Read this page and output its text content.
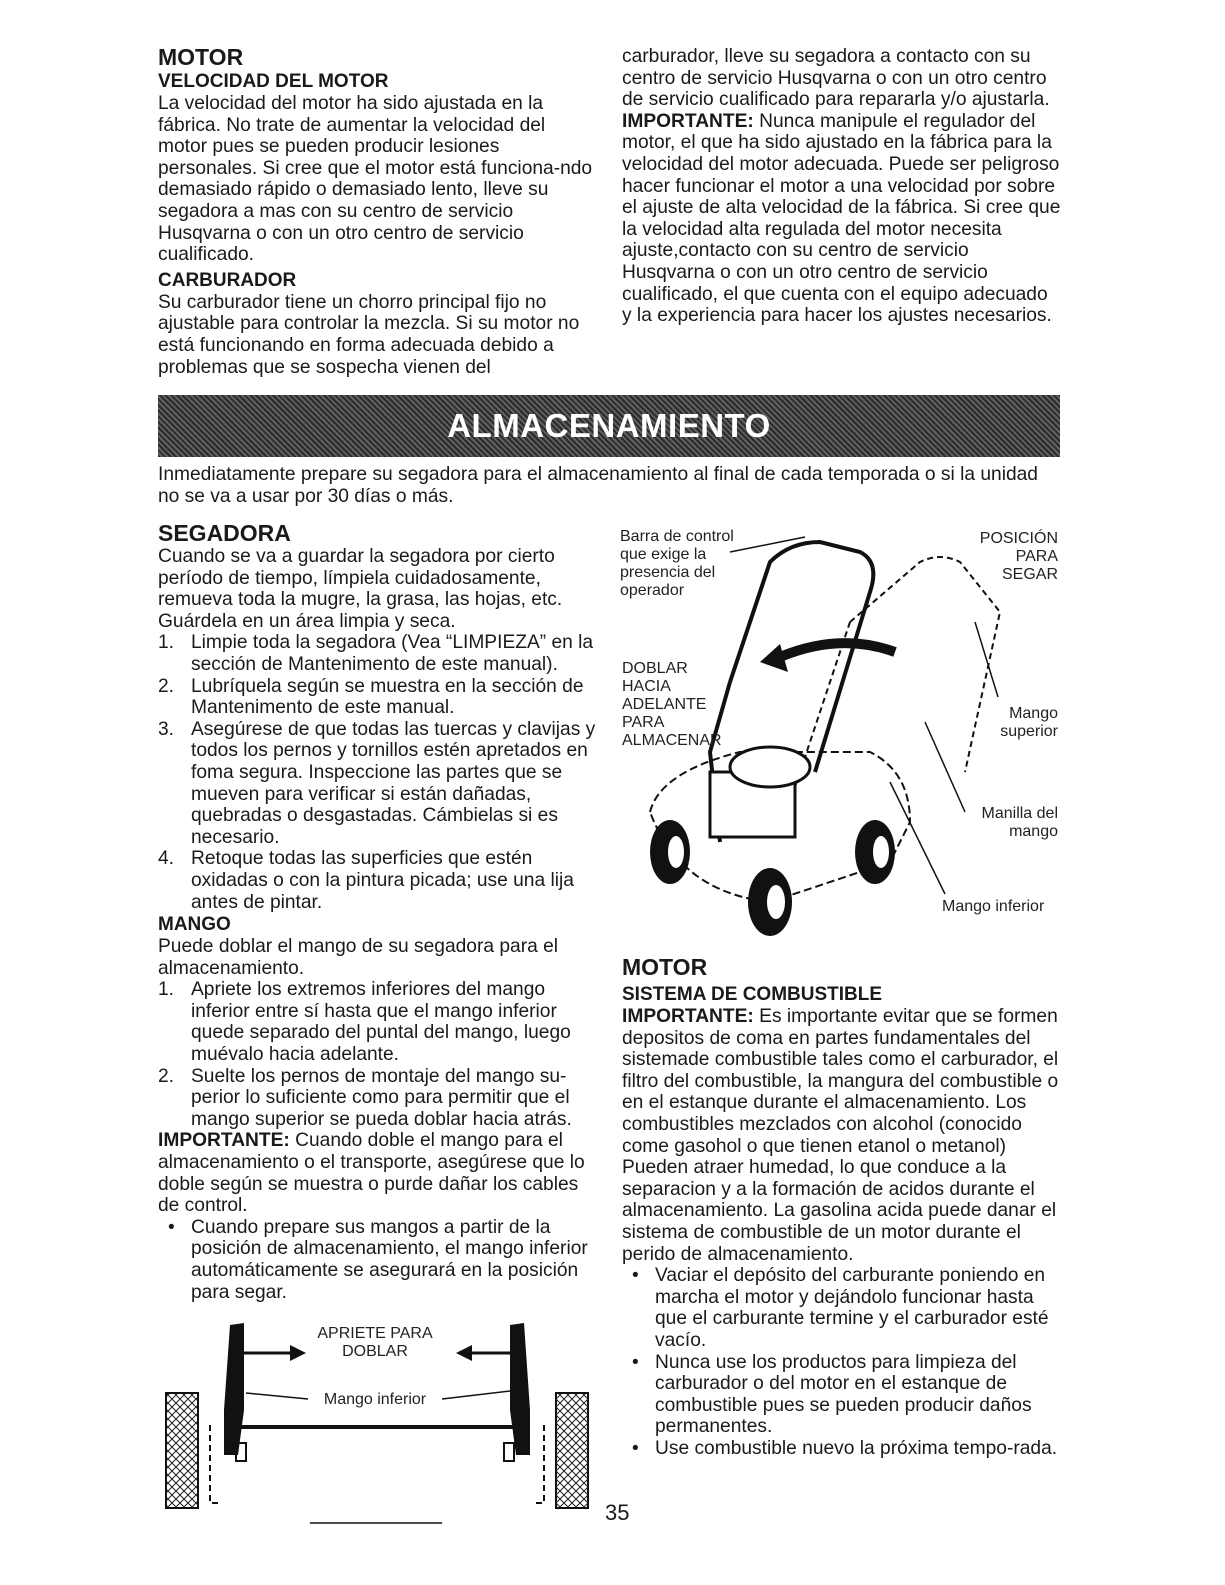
MOTOR
VELOCIDAD DEL MOTOR

La velocidad del motor ha sido ajustada en la fábrica. No trate de aumentar la velocidad del motor pues se pueden producir lesiones personales. Si cree que el motor está funciona-ndo demasiado rápido o demasiado lento, lleve su segadora a mas con su centro de servicio Husqvarna o con un otro centro de servicio cualificado.

CARBURADOR

Su carburador tiene un chorro principal fijo no ajustable para controlar la mezcla. Si su motor no está funcionando en forma adecuada debido a problemas que se sospecha vienen del

carburador, lleve su segadora a contacto con su centro de servicio Husqvarna o con un otro centro de servicio cualificado para repararla y/o ajustarla.

IMPORTANTE: Nunca manipule el regulador del motor, el que ha sido ajustado en la fábrica para la velocidad del motor adecuada. Puede ser peligroso hacer funcionar el motor a una velocidad por sobre el ajuste de alta velocidad de la fábrica. Si cree que la velocidad alta regulada del motor necesita ajuste,contacto con su centro de servicio Husqvarna o con un otro centro de servicio cualificado, el que cuenta con el equipo adecuado y la experiencia para hacer los ajustes necesarios.

ALMACENAMIENTO

Inmediatamente prepare su segadora para el almacenamiento al final de cada temporada o si la unidad no se va a usar por 30 días o más.

SEGADORA

Cuando se va a guardar la segadora por cierto período de tiempo, límpiela cuidadosamente, remueva toda la mugre, la grasa, las hojas, etc. Guárdela en un área limpia y seca.

1. Limpie toda la segadora (Vea “LIMPIEZA” en la sección de Mantenimento de este manual).
2. Lubríquela según se muestra en la sección de Mantenimento de este manual.
3. Asegúrese de que todas las tuercas y clavijas y todos los pernos y tornillos estén apretados en foma segura. Inspeccione las partes que se mueven para verificar si están dañadas, quebradas o desgastadas. Cámbielas si es necesario.
4. Retoque todas las superficies que estén oxidadas o con la pintura picada; use una lija antes de pintar.
MANGO

Puede doblar el mango de su segadora para el almacenamiento.

1. Apriete los extremos inferiores del mango inferior entre sí hasta que el mango inferior quede separado del puntal del mango, luego muévalo hacia adelante.
2. Suelte los pernos de montaje del mango su-perior lo suficiente como para permitir que el mango superior se pueda doblar hacia atrás.

IMPORTANTE: Cuando doble el mango para el almacenamiento o el transporte, asegúrese que lo doble según se muestra o purde dañar los cables de control.

• Cuando prepare sus mangos a partir de la posición de almacenamiento, el mango inferior automáticamente se asegurará en la posición para segar.
APRIETE PARA DOBLAR
Mango inferior
Barra de control que exige la presencia del operador
POSICIÓN PARA SEGAR
DOBLAR HACIA ADELANTE PARA ALMACENAR
Mango superior
Manilla del mango
Mango inferior
MOTOR
SISTEMA DE COMBUSTIBLE

IMPORTANTE: Es importante evitar que se formen depositos de coma en partes fundamentales del sistemade combustible tales como el carburador, el filtro del combustible, la mangura del combustible o en el estanque durante el almacenamiento. Los combustibles mezclados con alcohol (conocido come gasohol o que tienen etanol o metanol) Pueden atraer humedad, lo que conduce a la separacion y a la formación de acidos durante el almacenamiento. La gasolina acida puede danar el sistema de combustible de un motor durante el perido de almacenamiento.

• Vaciar el depósito del carburante poniendo en marcha el motor y dejándolo funcionar hasta que el carburante termine y el carburador esté vacío.
• Nunca use los productos para limpieza del carburador o del motor en el estanque de combustible pues se pueden producir daños permanentes.
• Use combustible nuevo la próxima tempo-rada.
35
